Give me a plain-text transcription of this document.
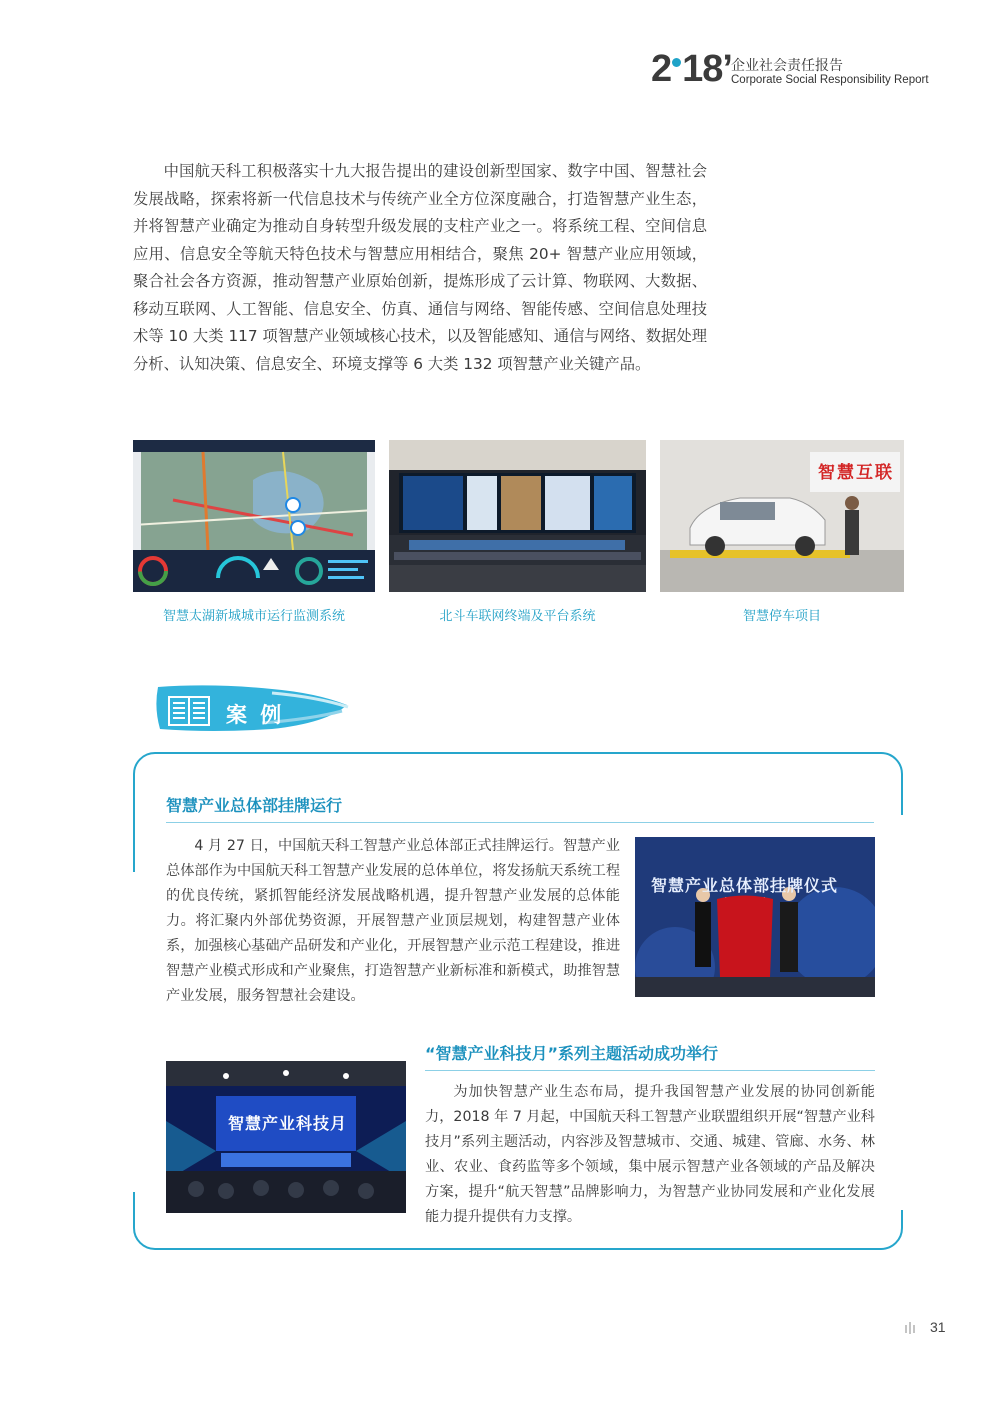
2 18’ 企业社会责任报告
Corporate Social Responsibility Report

中国航天科工积极落实十九大报告提出的建设创新型国家、数字中国、智慧社会发展战略，探索将新一代信息技术与传统产业全方位深度融合，打造智慧产业生态，并将智慧产业确定为推动自身转型升级发展的支柱产业之一。将系统工程、空间信息应用、信息安全等航天特色技术与智慧应用相结合，聚焦 20+ 智慧产业应用领域，聚合社会各方资源，推动智慧产业原始创新，提炼形成了云计算、物联网、大数据、移动互联网、人工智能、信息安全、仿真、通信与网络、智能传感、空间信息处理技术等 10 大类 117 项智慧产业领域核心技术，以及智能感知、通信与网络、数据处理分析、认知决策、信息安全、环境支撑等 6 大类 132 项智慧产业关键产品。

智慧太湖新城城市运行监测系统	北斗车联网终端及平台系统
智慧互联
智慧停车项目
案 例
智慧产业总体部挂牌运行

4 月 27 日，中国航天科工智慧产业总体部正式挂牌运行。智慧产业总体部作为中国航天科工智慧产业发展的总体单位，将发扬航天系统工程的优良传统，紧抓智能经济发展战略机遇，提升智慧产业发展的总体能力。将汇聚内外部优势资源，开展智慧产业顶层规划，构建智慧产业体系，加强核心基础产品研发和产业化，开展智慧产业示范工程建设，推进智慧产业模式形成和产业聚焦，打造智慧产业新标准和新模式，助推智慧产业发展，服务智慧社会建设。

智慧产业总体部挂牌仪式
“智慧产业科技月”系列主题活动成功举行
智慧产业科技月

为加快智慧产业生态布局，提升我国智慧产业发展的协同创新能力，2018 年 7 月起，中国航天科工智慧产业联盟组织开展“智慧产业科技月”系列主题活动，内容涉及智慧城市、交通、城建、管廊、水务、林业、农业、食药监等多个领域，集中展示智慧产业各领域的产品及解决方案，提升“航天智慧”品牌影响力，为智慧产业协同发展和产业化发展能力提升提供有力支撑。

31
